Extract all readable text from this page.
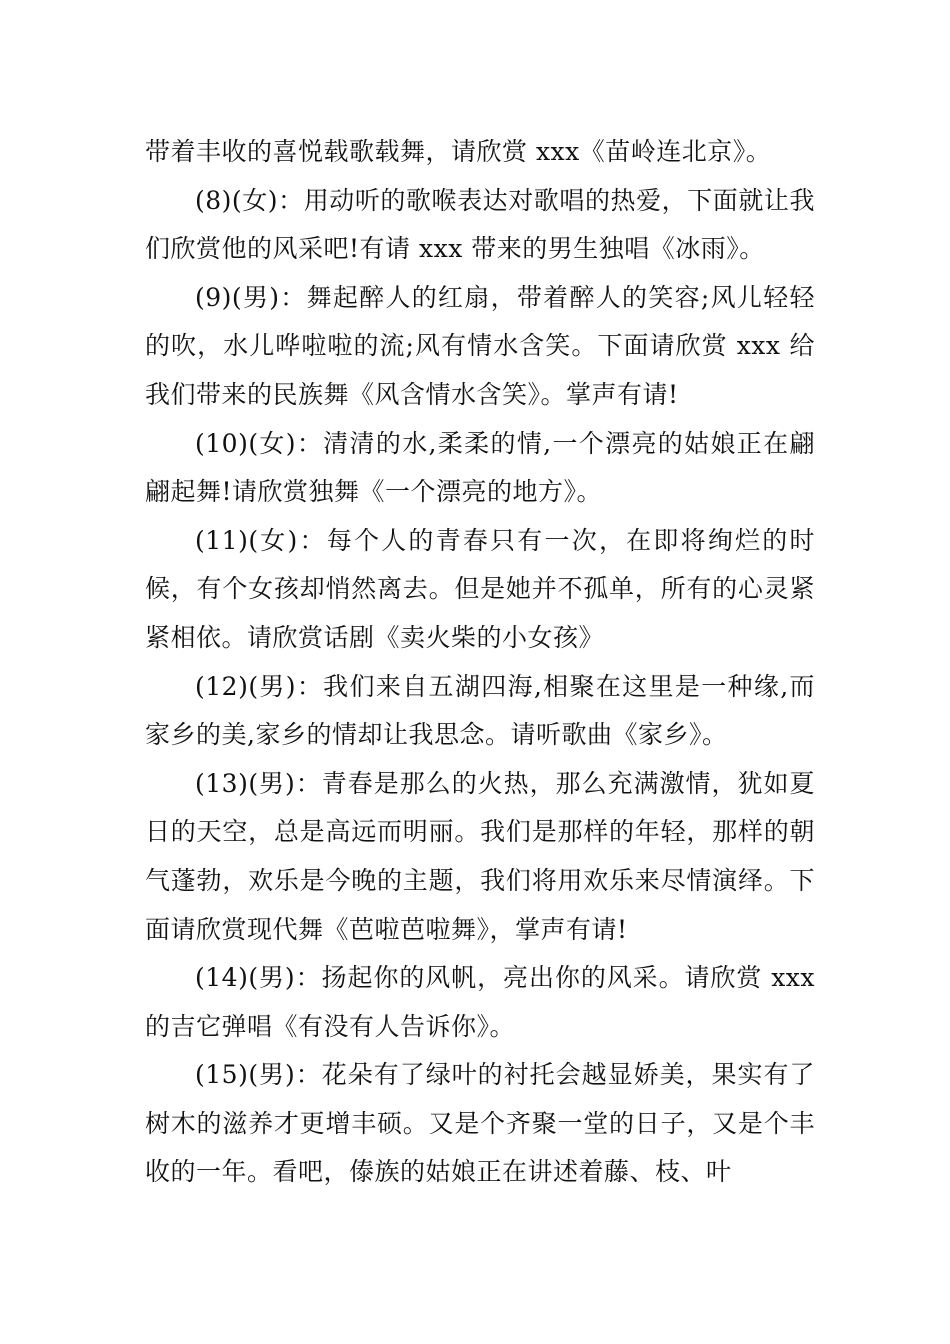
带着丰收的喜悦载歌载舞，请欣赏 xxx《苗岭连北京》。

(8)(女)：用动听的歌喉表达对歌唱的热爱，下面就让我们欣赏他的风采吧!有请 xxx 带来的男生独唱《冰雨》。

(9)(男)：舞起醉人的红扇，带着醉人的笑容;风儿轻轻的吹，水儿哗啦啦的流;风有情水含笑。下面请欣赏 xxx 给我们带来的民族舞《风含情水含笑》。掌声有请!

(10)(女)：清清的水,柔柔的情,一个漂亮的姑娘正在翩翩起舞!请欣赏独舞《一个漂亮的地方》。

(11)(女)：每个人的青春只有一次，在即将绚烂的时候，有个女孩却悄然离去。但是她并不孤单，所有的心灵紧紧相依。请欣赏话剧《卖火柴的小女孩》

(12)(男)：我们来自五湖四海,相聚在这里是一种缘,而家乡的美,家乡的情却让我思念。请听歌曲《家乡》。

(13)(男)：青春是那么的火热，那么充满激情，犹如夏日的天空，总是高远而明丽。我们是那样的年轻，那样的朝气蓬勃，欢乐是今晚的主题，我们将用欢乐来尽情演绎。下面请欣赏现代舞《芭啦芭啦舞》，掌声有请!

(14)(男)：扬起你的风帆，亮出你的风采。请欣赏 xxx 的吉它弹唱《有没有人告诉你》。

(15)(男)：花朵有了绿叶的衬托会越显娇美，果实有了树木的滋养才更增丰硕。又是个齐聚一堂的日子，又是个丰收的一年。看吧，傣族的姑娘正在讲述着藤、枝、叶
